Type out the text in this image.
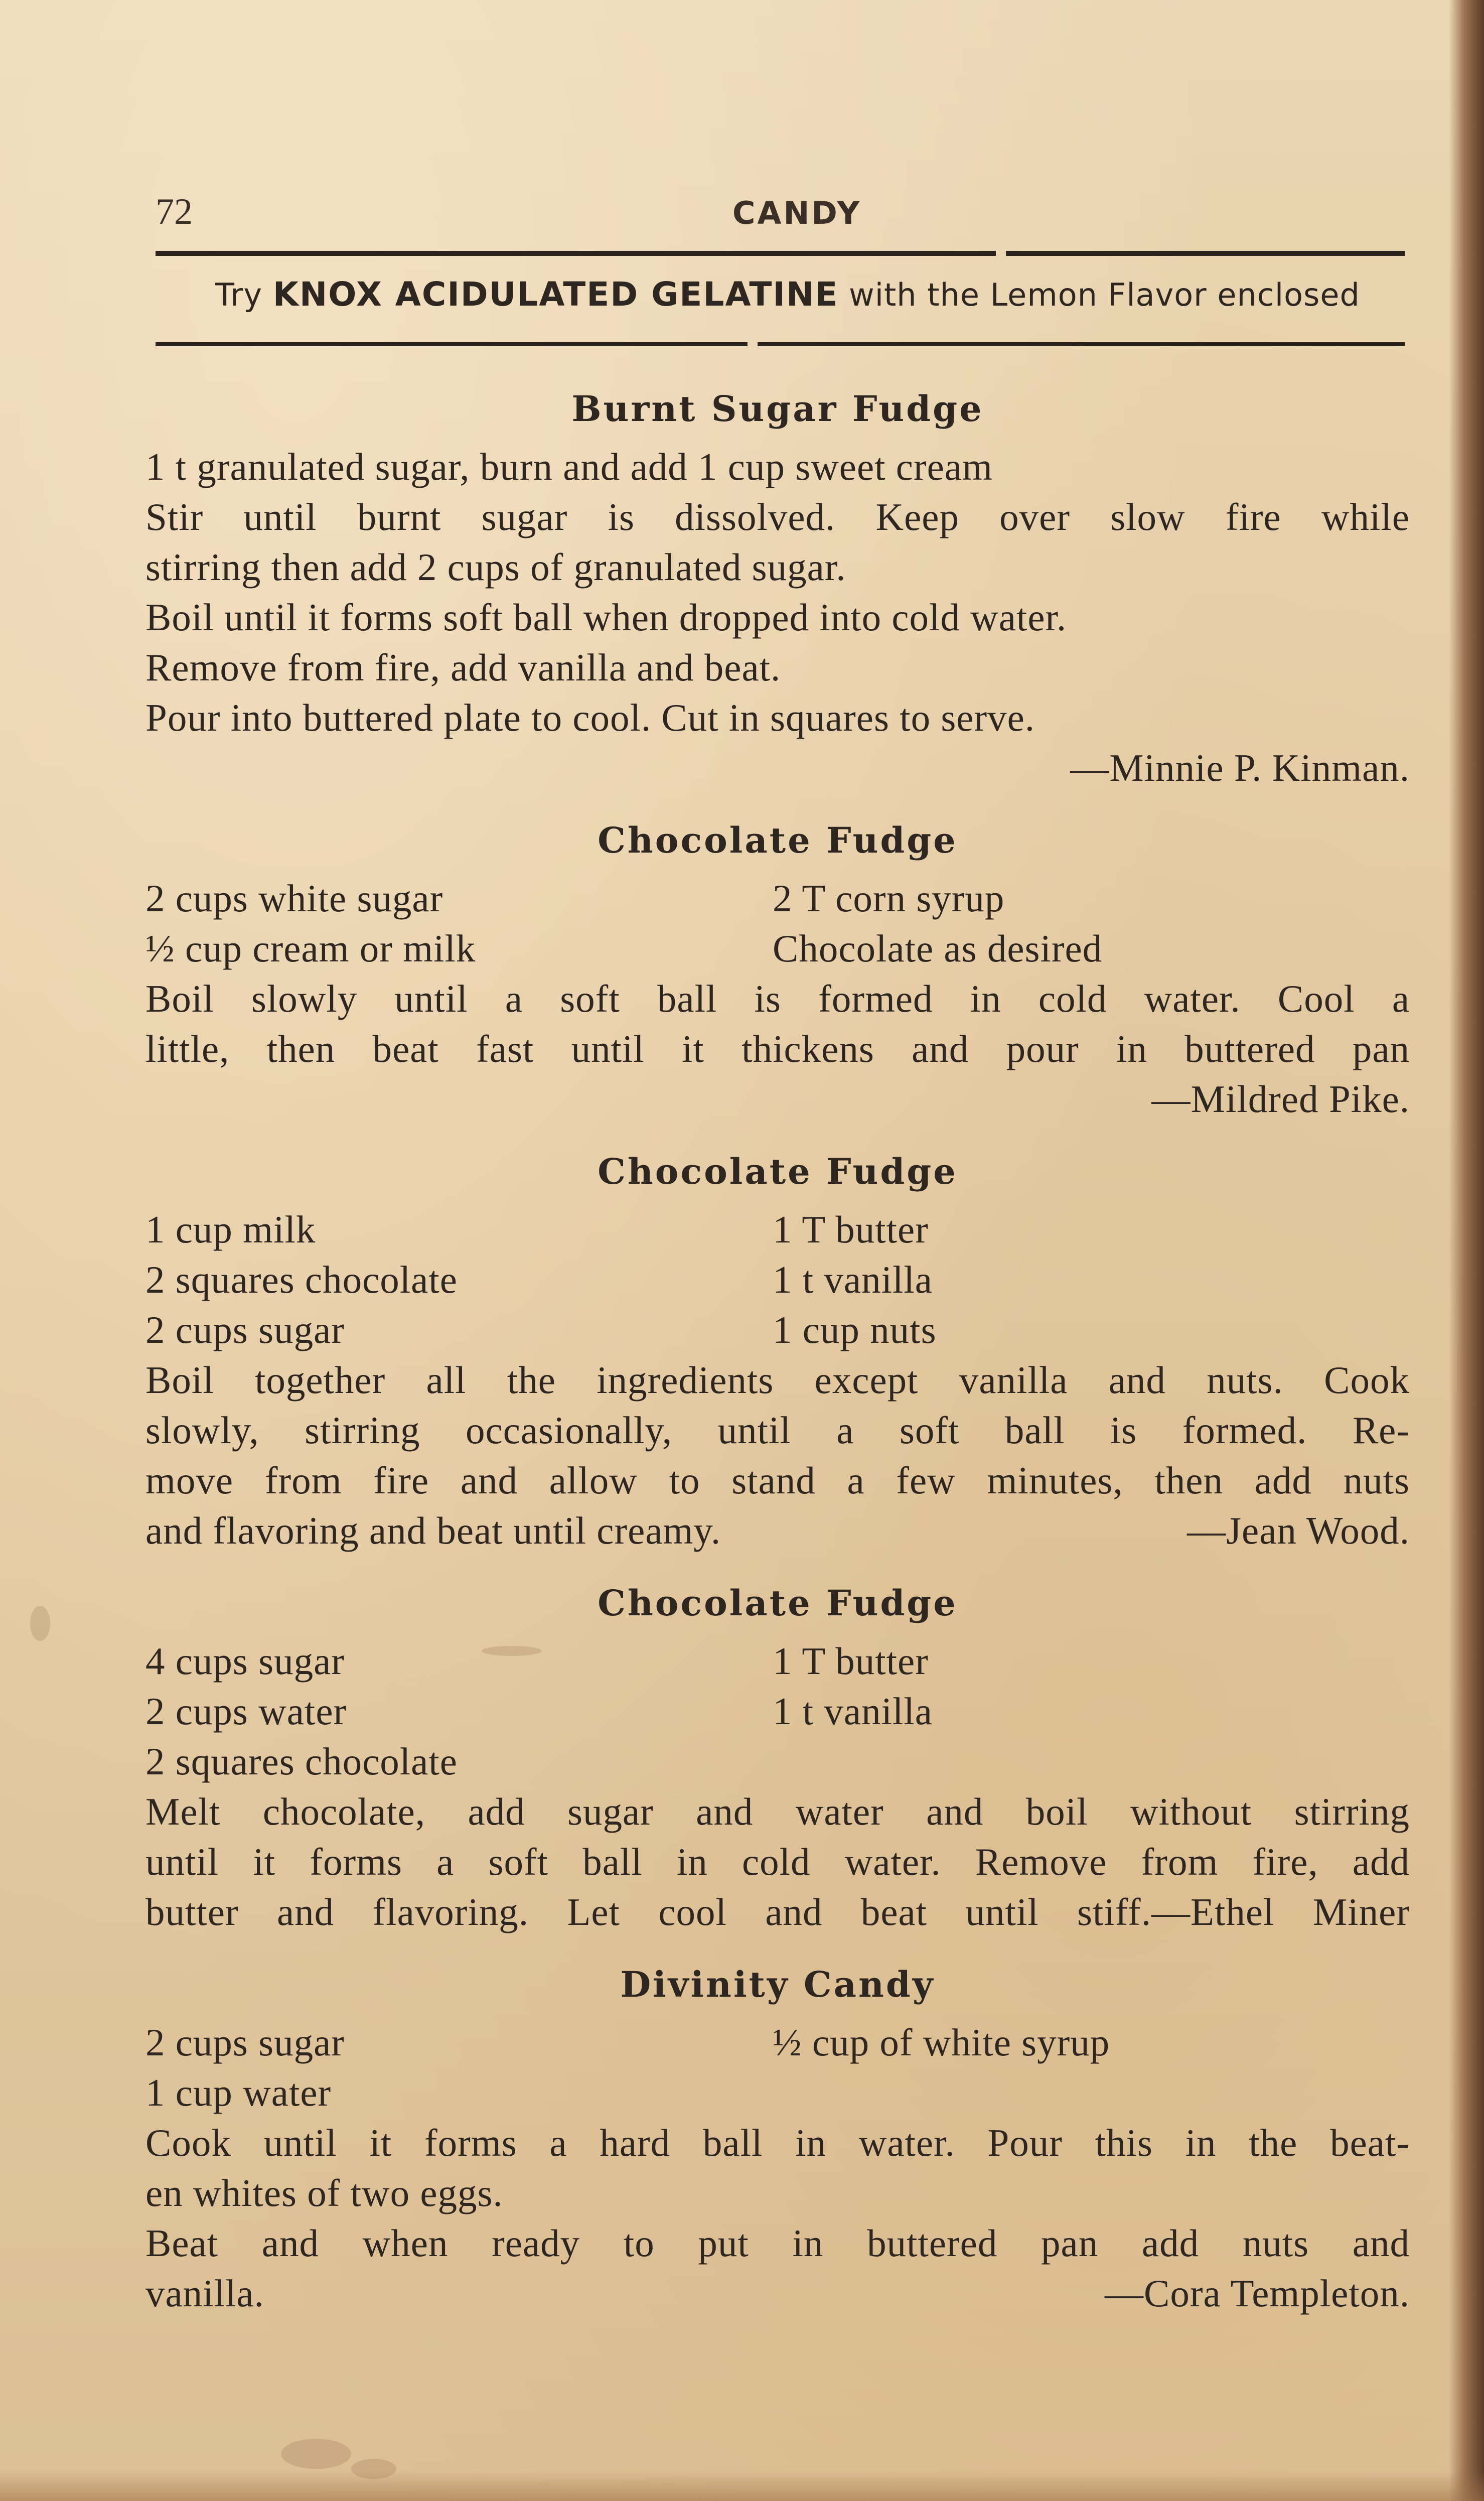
72	CANDY
Try KNOX ACIDULATED GELATINE with the Lemon Flavor enclosed
Burnt Sugar Fudge
1 t granulated sugar, burn and add 1 cup sweet cream
Stir until burnt sugar is dissolved. Keep over slow fire while
stirring then add 2 cups of granulated sugar.
Boil until it forms soft ball when dropped into cold water.
Remove from fire, add vanilla and beat.
Pour into buttered plate to cool. Cut in squares to serve.
—Minnie P. Kinman.
Chocolate Fudge
2 cups white sugar	2 T corn syrup
½ cup cream or milk	Chocolate as desired
Boil slowly until a soft ball is formed in cold water. Cool a
little, then beat fast until it thickens and pour in buttered pan
—Mildred Pike.
Chocolate Fudge
1 cup milk	1 T butter
2 squares chocolate	1 t vanilla
2 cups sugar	1 cup nuts
Boil together all the ingredients except vanilla and nuts. Cook
slowly, stirring occasionally, until a soft ball is formed. Re-
move from fire and allow to stand a few minutes, then add nuts
and flavoring and beat until creamy.	—Jean Wood.
Chocolate Fudge
4 cups sugar	1 T butter
2 cups water	1 t vanilla
2 squares chocolate
Melt chocolate, add sugar and water and boil without stirring
until it forms a soft ball in cold water. Remove from fire, add
butter and flavoring. Let cool and beat until stiff.—Ethel Miner
Divinity Candy
2 cups sugar	½ cup of white syrup
1 cup water
Cook until it forms a hard ball in water. Pour this in the beat-
en whites of two eggs.
Beat and when ready to put in buttered pan add nuts and
vanilla.	—Cora Templeton.
